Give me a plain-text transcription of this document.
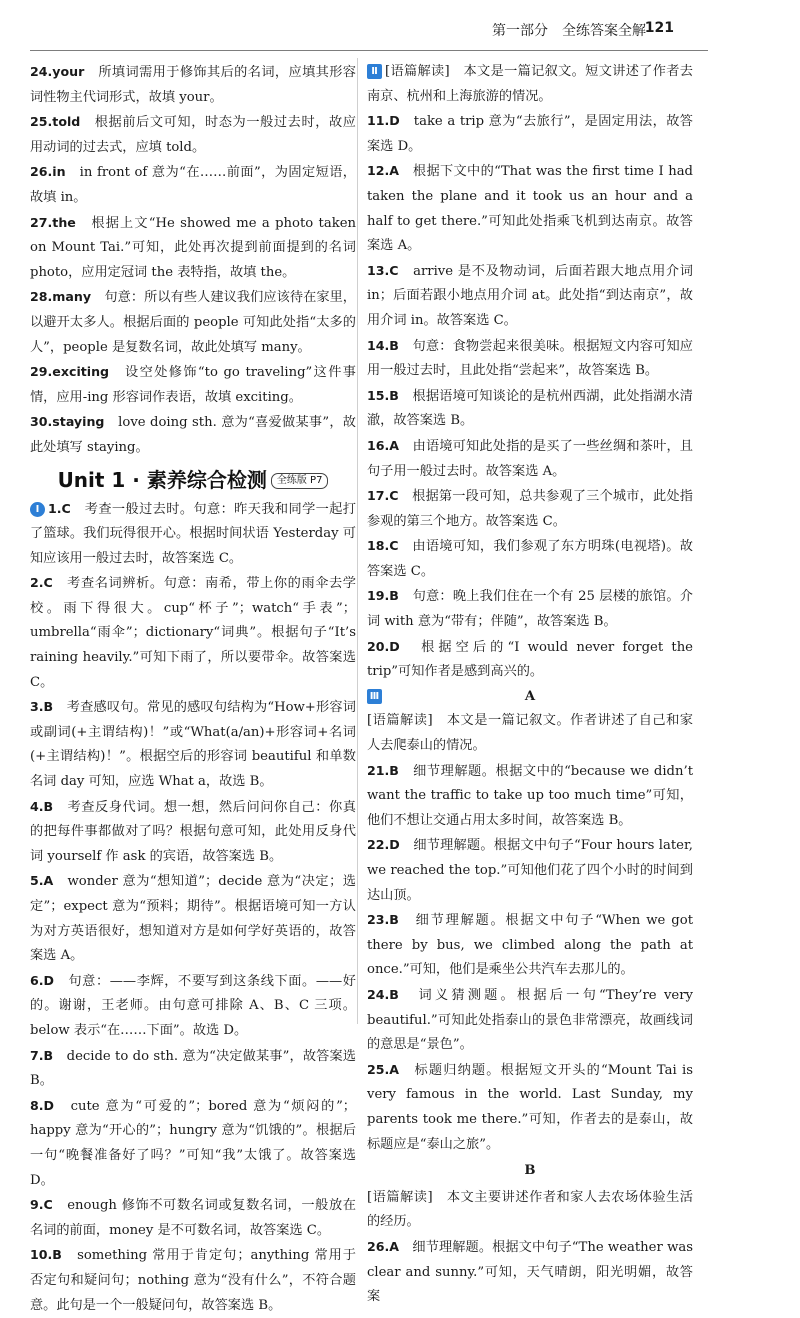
第一部分　全练答案全解
121

24.your　所填词需用于修饰其后的名词，应填其形容词性物主代词形式，故填 your。

25.told　根据前后文可知，时态为一般过去时，故应用动词的过去式，应填 told。

26.in　in front of 意为“在……前面”，为固定短语，故填 in。

27.the　根据上文“He showed me a photo taken on Mount Tai.”可知，此处再次提到前面提到的名词 photo，应用定冠词 the 表特指，故填 the。

28.many　句意：所以有些人建议我们应该待在家里，以避开太多人。根据后面的 people 可知此处指“太多的人”，people 是复数名词，故此处填写 many。

29.exciting　设空处修饰“to go traveling”这件事情，应用-ing 形容词作表语，故填 exciting。

30.staying　love doing sth. 意为“喜爱做某事”，故此处填写 staying。

Unit 1 · 素养综合检测 全练版 P7

Ⅰ 1.C　考查一般过去时。句意：昨天我和同学一起打了篮球。我们玩得很开心。根据时间状语 Yesterday 可知应该用一般过去时，故答案选 C。

2.C　考查名词辨析。句意：南希，带上你的雨伞去学校。雨下得很大。cup“杯子”；watch“手表”；umbrella“雨伞”；dictionary“词典”。根据句子“It’s raining heavily.”可知下雨了，所以要带伞。故答案选 C。

3.B　考查感叹句。常见的感叹句结构为“How+形容词或副词(+主谓结构)！”或“What(a/an)+形容词+名词(+主谓结构)！”。根据空后的形容词 beautiful 和单数名词 day 可知，应选 What a，故选 B。

4.B　考查反身代词。想一想，然后问问你自己：你真的把每件事都做对了吗？根据句意可知，此处用反身代词 yourself 作 ask 的宾语，故答案选 B。

5.A　wonder 意为“想知道”；decide 意为“决定；选定”；expect 意为“预料；期待”。根据语境可知一方认为对方英语很好，想知道对方是如何学好英语的，故答案选 A。

6.D　句意：——李辉，不要写到这条线下面。——好的。谢谢，王老师。由句意可排除 A、B、C 三项。below 表示“在……下面”。故选 D。

7.B　decide to do sth. 意为“决定做某事”，故答案选 B。

8.D　cute 意为“可爱的”；bored 意为“烦闷的”；happy 意为“开心的”；hungry 意为“饥饿的”。根据后一句“晚餐准备好了吗？”可知“我”太饿了。故答案选 D。

9.C　enough 修饰不可数名词或复数名词，一般放在名词的前面，money 是不可数名词，故答案选 C。

10.B　something 常用于肯定句；anything 常用于否定句和疑问句；nothing 意为“没有什么”，不符合题意。此句是一个一般疑问句，故答案选 B。

Ⅱ [语篇解读]　本文是一篇记叙文。短文讲述了作者去南京、杭州和上海旅游的情况。

11.D　take a trip 意为“去旅行”，是固定用法，故答案选 D。

12.A　根据下文中的“That was the first time I had taken the plane and it took us an hour and a half to get there.”可知此处指乘飞机到达南京。故答案选 A。

13.C　arrive 是不及物动词，后面若跟大地点用介词 in；后面若跟小地点用介词 at。此处指“到达南京”，故用介词 in。故答案选 C。

14.B　句意：食物尝起来很美味。根据短文内容可知应用一般过去时，且此处指“尝起来”，故答案选 B。

15.B　根据语境可知谈论的是杭州西湖，此处指湖水清澈，故答案选 B。

16.A　由语境可知此处指的是买了一些丝绸和茶叶，且句子用一般过去时。故答案选 A。

17.C　根据第一段可知，总共参观了三个城市，此处指参观的第三个地方。故答案选 C。

18.C　由语境可知，我们参观了东方明珠(电视塔)。故答案选 C。

19.B　句意：晚上我们住在一个有 25 层楼的旅馆。介词 with 意为“带有；伴随”，故答案选 B。

20.D　根据空后的“I would never forget the trip”可知作者是感到高兴的。

Ⅲ	A

[语篇解读]　本文是一篇记叙文。作者讲述了自己和家人去爬泰山的情况。

21.B　细节理解题。根据文中的“because we didn’t want the traffic to take up too much time”可知，他们不想让交通占用太多时间，故答案选 B。

22.D　细节理解题。根据文中句子“Four hours later, we reached the top.”可知他们花了四个小时的时间到达山顶。

23.B　细节理解题。根据文中句子“When we got there by bus, we climbed along the path at once.”可知，他们是乘坐公共汽车去那儿的。

24.B　词义猜测题。根据后一句“They’re very beautiful.”可知此处指泰山的景色非常漂亮，故画线词的意思是“景色”。

25.A　标题归纳题。根据短文开头的“Mount Tai is very famous in the world. Last Sunday, my parents took me there.”可知，作者去的是泰山，故标题应是“泰山之旅”。

B

[语篇解读]　本文主要讲述作者和家人去农场体验生活的经历。

26.A　细节理解题。根据文中句子“The weather was clear and sunny.”可知，天气晴朗，阳光明媚，故答案
